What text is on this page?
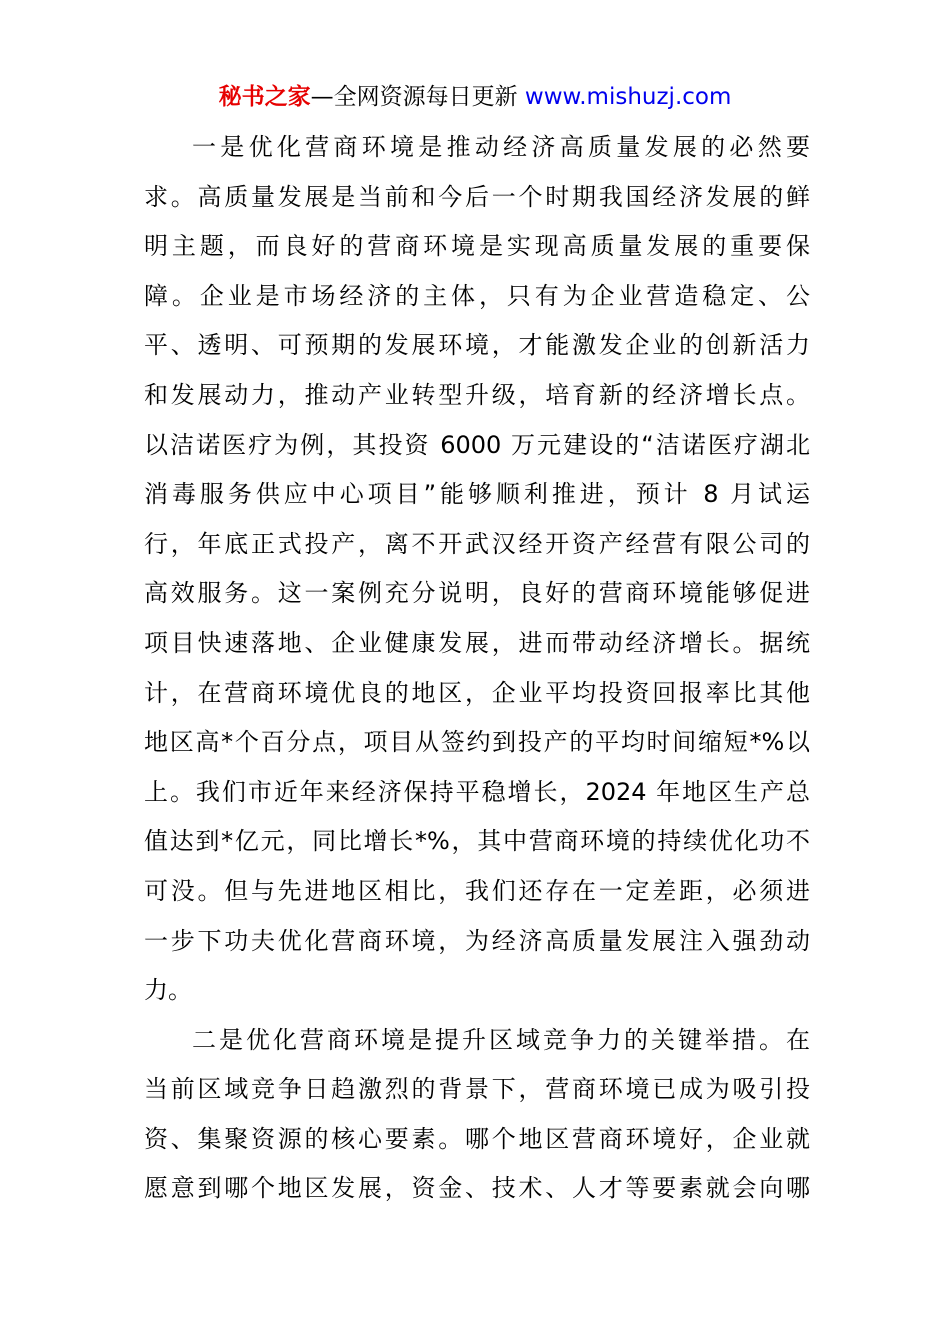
秘书之家—全网资源每日更新 www.mishuzj.com
一是优化营商环境是推动经济高质量发展的必然要
求。高质量发展是当前和今后一个时期我国经济发展的鲜
明主题，而良好的营商环境是实现高质量发展的重要保
障。企业是市场经济的主体，只有为企业营造稳定、公
平、透明、可预期的发展环境，才能激发企业的创新活力
和发展动力，推动产业转型升级，培育新的经济增长点。
以洁诺医疗为例，其投资 6000 万元建设的“洁诺医疗湖北
消毒服务供应中心项目”能够顺利推进，预计 8 月试运
行，年底正式投产，离不开武汉经开资产经营有限公司的
高效服务。这一案例充分说明，良好的营商环境能够促进
项目快速落地、企业健康发展，进而带动经济增长。据统
计，在营商环境优良的地区，企业平均投资回报率比其他
地区高*个百分点，项目从签约到投产的平均时间缩短*%以
上。我们市近年来经济保持平稳增长，2024 年地区生产总
值达到*亿元，同比增长*%，其中营商环境的持续优化功不
可没。但与先进地区相比，我们还存在一定差距，必须进
一步下功夫优化营商环境，为经济高质量发展注入强劲动
力。
二是优化营商环境是提升区域竞争力的关键举措。在
当前区域竞争日趋激烈的背景下，营商环境已成为吸引投
资、集聚资源的核心要素。哪个地区营商环境好，企业就
愿意到哪个地区发展，资金、技术、人才等要素就会向哪
